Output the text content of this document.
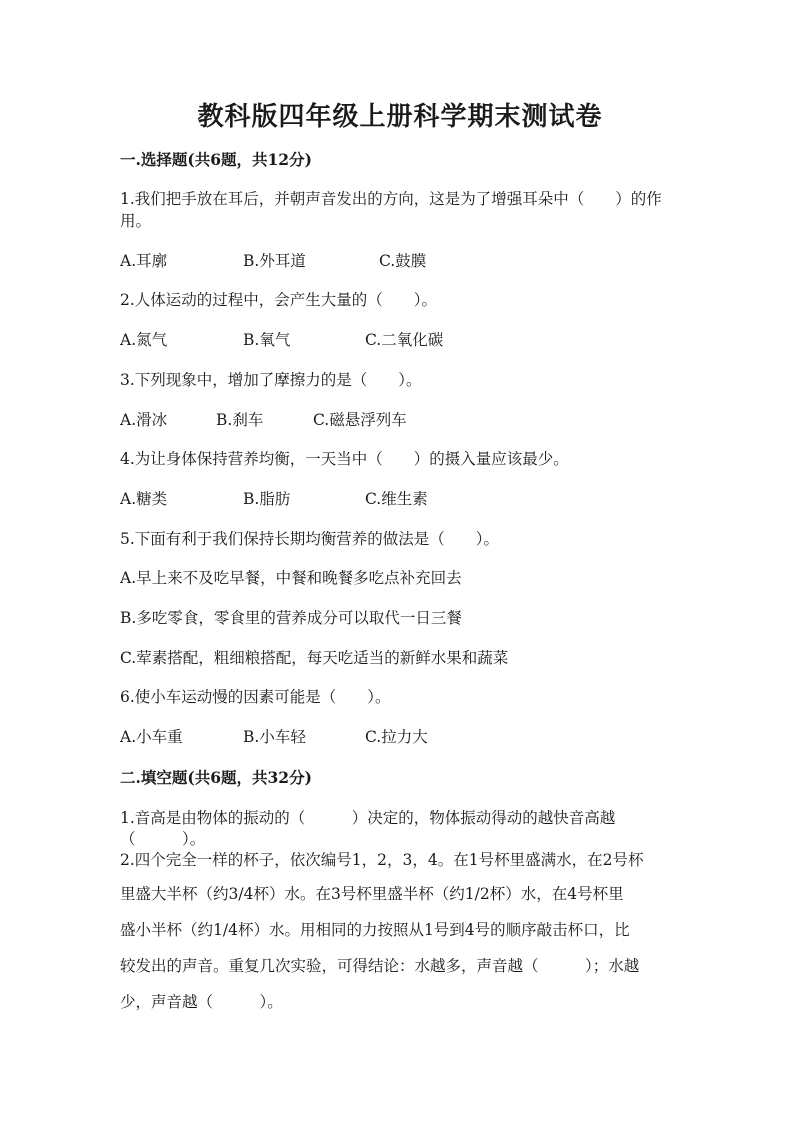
教科版四年级上册科学期末测试卷
一.选择题(共6题，共12分)
1.我们把手放在耳后，并朝声音发出的方向，这是为了增强耳朵中（　　）的作
用。
A.耳廓	B.外耳道	C.鼓膜
2.人体运动的过程中，会产生大量的（　　）。
A.氮气	B.氧气	C.二氧化碳
3.下列现象中，增加了摩擦力的是（　　）。
A.滑冰	B.刹车	C.磁悬浮列车
4.为让身体保持营养均衡，一天当中（　　）的摄入量应该最少。
A.糖类	B.脂肪	C.维生素
5.下面有利于我们保持长期均衡营养的做法是（　　）。
A.早上来不及吃早餐，中餐和晚餐多吃点补充回去
B.多吃零食，零食里的营养成分可以取代一日三餐
C.荤素搭配，粗细粮搭配，每天吃适当的新鲜水果和蔬菜
6.使小车运动慢的因素可能是（　　）。
A.小车重	B.小车轻	C.拉力大
二.填空题(共6题，共32分)
1.音高是由物体的振动的（　　　）决定的，物体振动得动的越快音高越
（　　　）。
2.四个完全一样的杯子，依次编号1，2，3，4。在1号杯里盛满水，在2号杯
里盛大半杯（约3/4杯）水。在3号杯里盛半杯（约1/2杯）水，在4号杯里
盛小半杯（约1/4杯）水。用相同的力按照从1号到4号的顺序敲击杯口，比
较发出的声音。重复几次实验，可得结论：水越多，声音越（　　　）；水越
少，声音越（　　　）。
